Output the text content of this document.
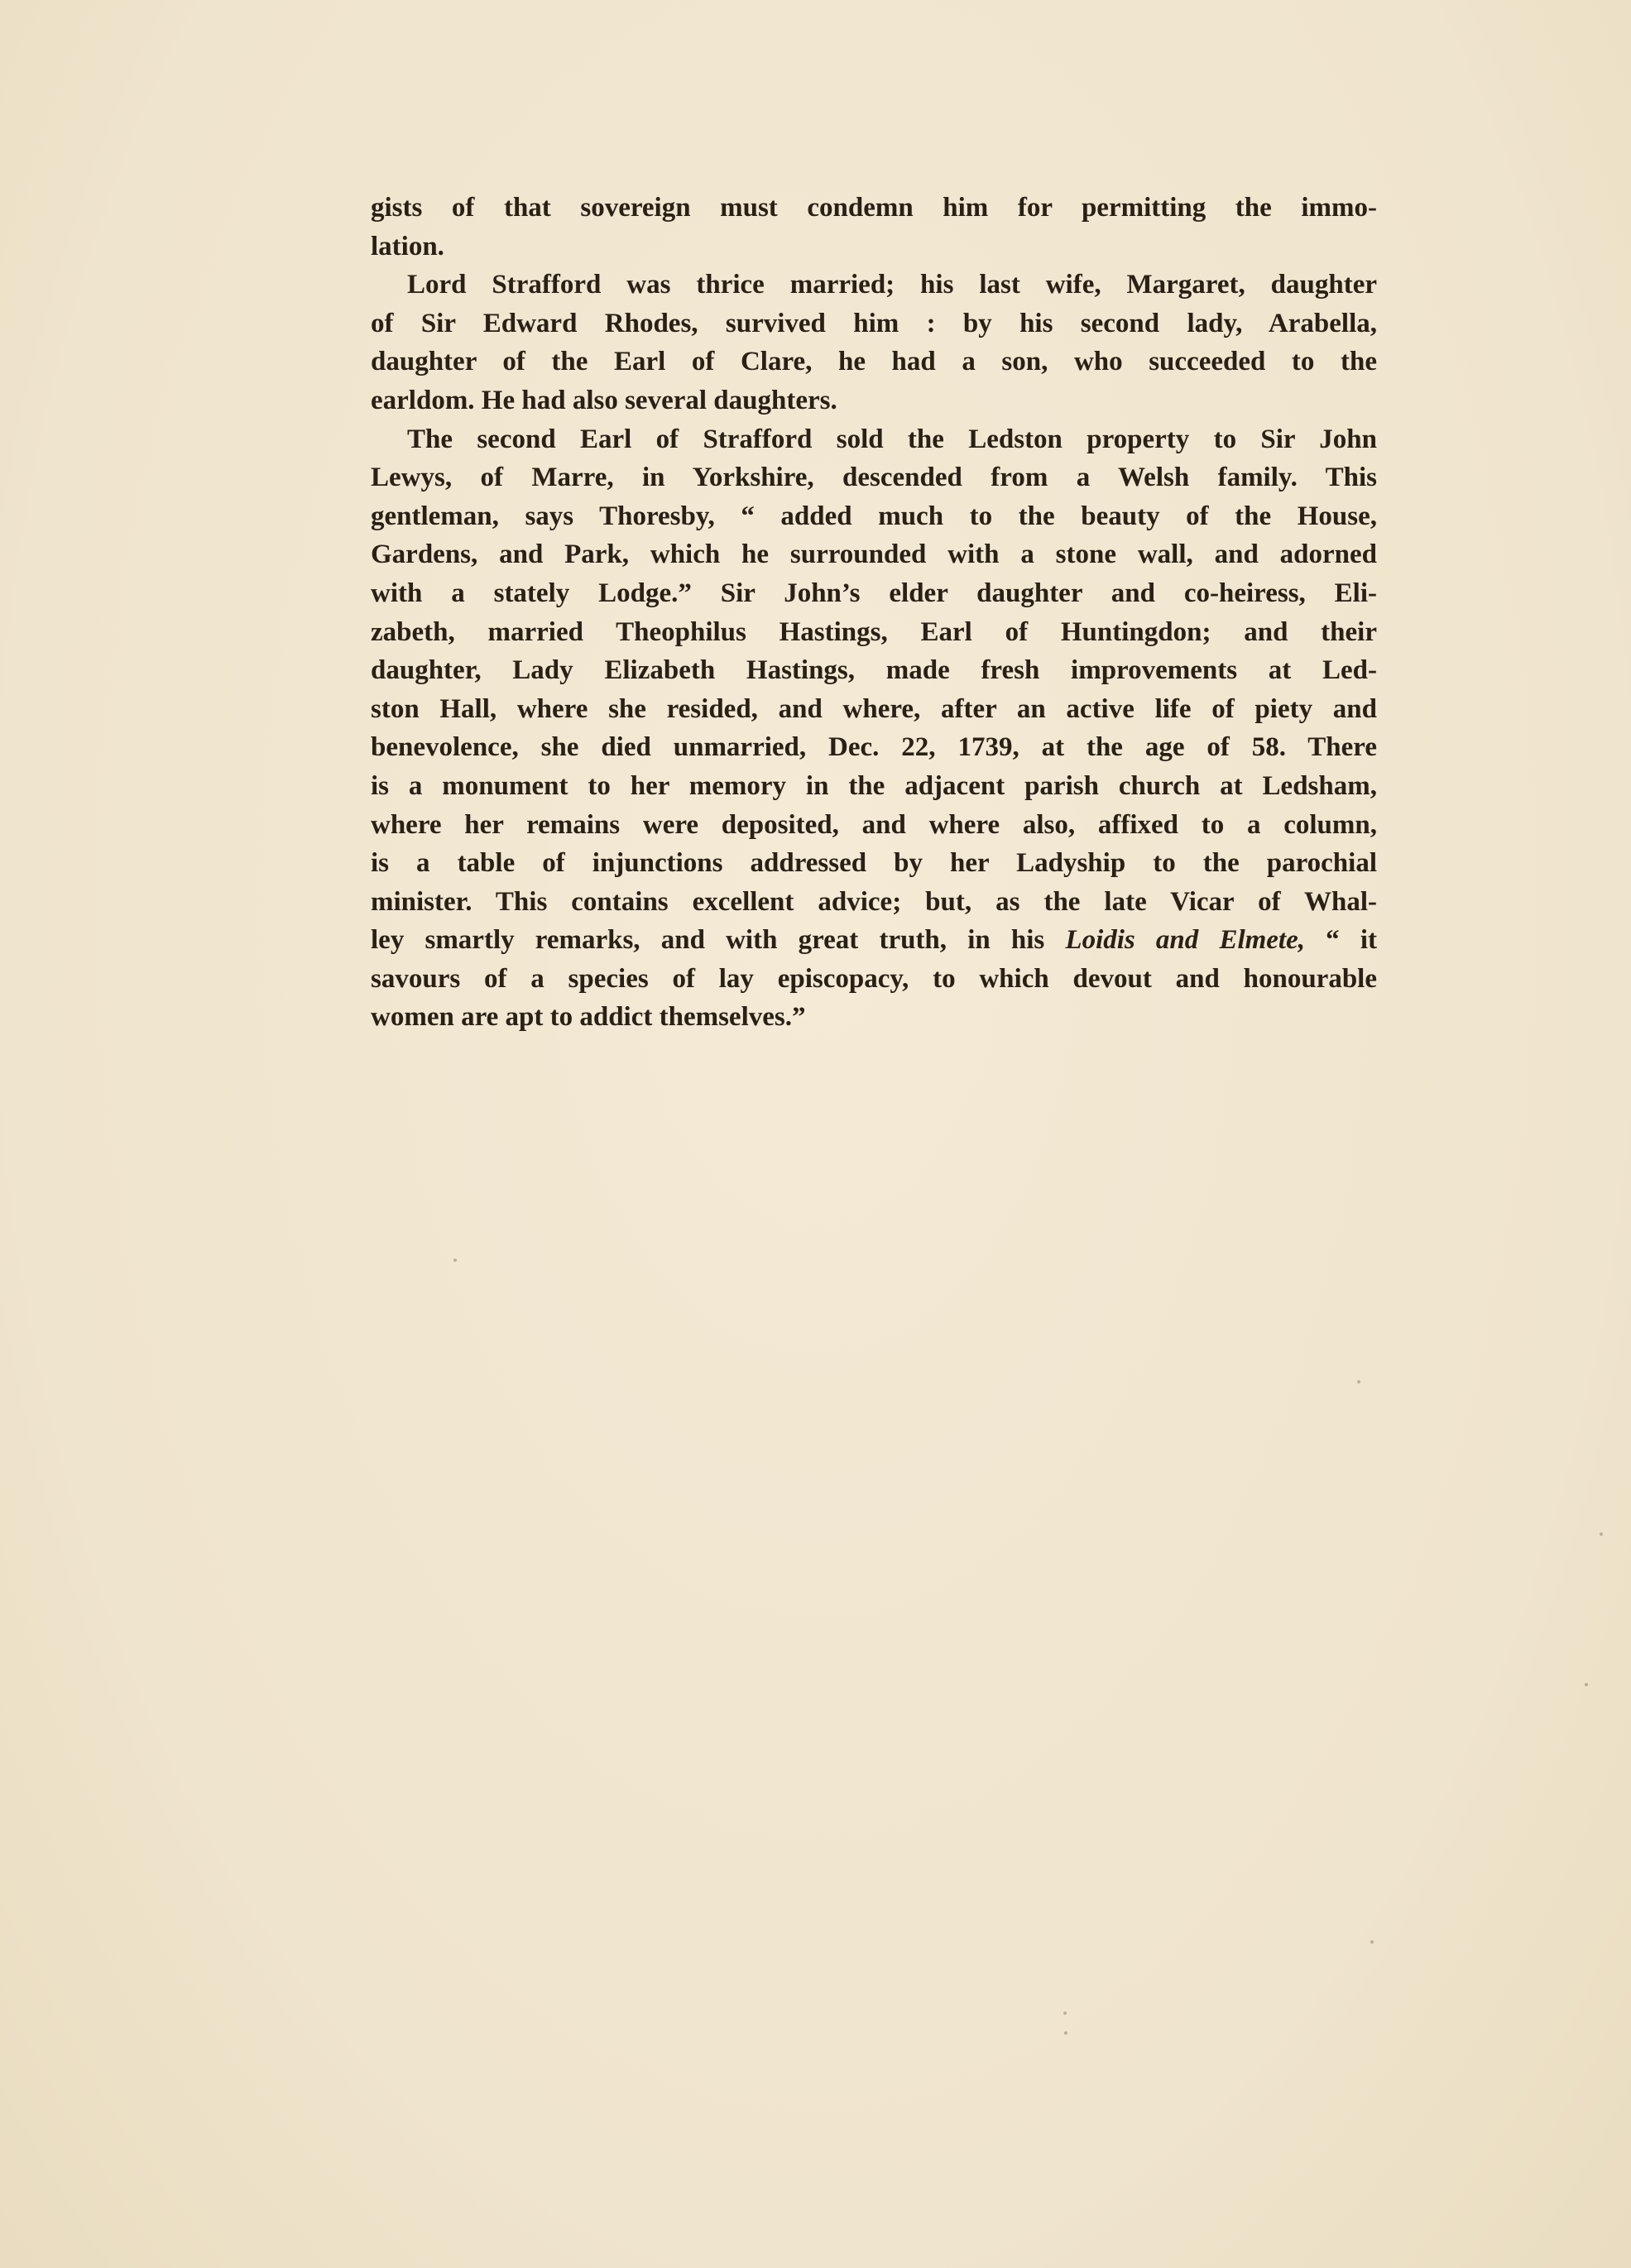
gists of that sovereign must condemn him for permitting the immo-
lation.
Lord Strafford was thrice married; his last wife, Margaret, daughter
of Sir Edward Rhodes, survived him : by his second lady, Arabella,
daughter of the Earl of Clare, he had a son, who succeeded to the
earldom. He had also several daughters.
The second Earl of Strafford sold the Ledston property to Sir John
Lewys, of Marre, in Yorkshire, descended from a Welsh family. This
gentleman, says Thoresby, “ added much to the beauty of the House,
Gardens, and Park, which he surrounded with a stone wall, and adorned
with a stately Lodge.” Sir John’s elder daughter and co-heiress, Eli-
zabeth, married Theophilus Hastings, Earl of Huntingdon; and their
daughter, Lady Elizabeth Hastings, made fresh improvements at Led-
ston Hall, where she resided, and where, after an active life of piety and
benevolence, she died unmarried, Dec. 22, 1739, at the age of 58. There
is a monument to her memory in the adjacent parish church at Ledsham,
where her remains were deposited, and where also, affixed to a column,
is a table of injunctions addressed by her Ladyship to the parochial
minister. This contains excellent advice; but, as the late Vicar of Whal-
ley smartly remarks, and with great truth, in his Loidis and Elmete, “ it
savours of a species of lay episcopacy, to which devout and honourable
women are apt to addict themselves.”
